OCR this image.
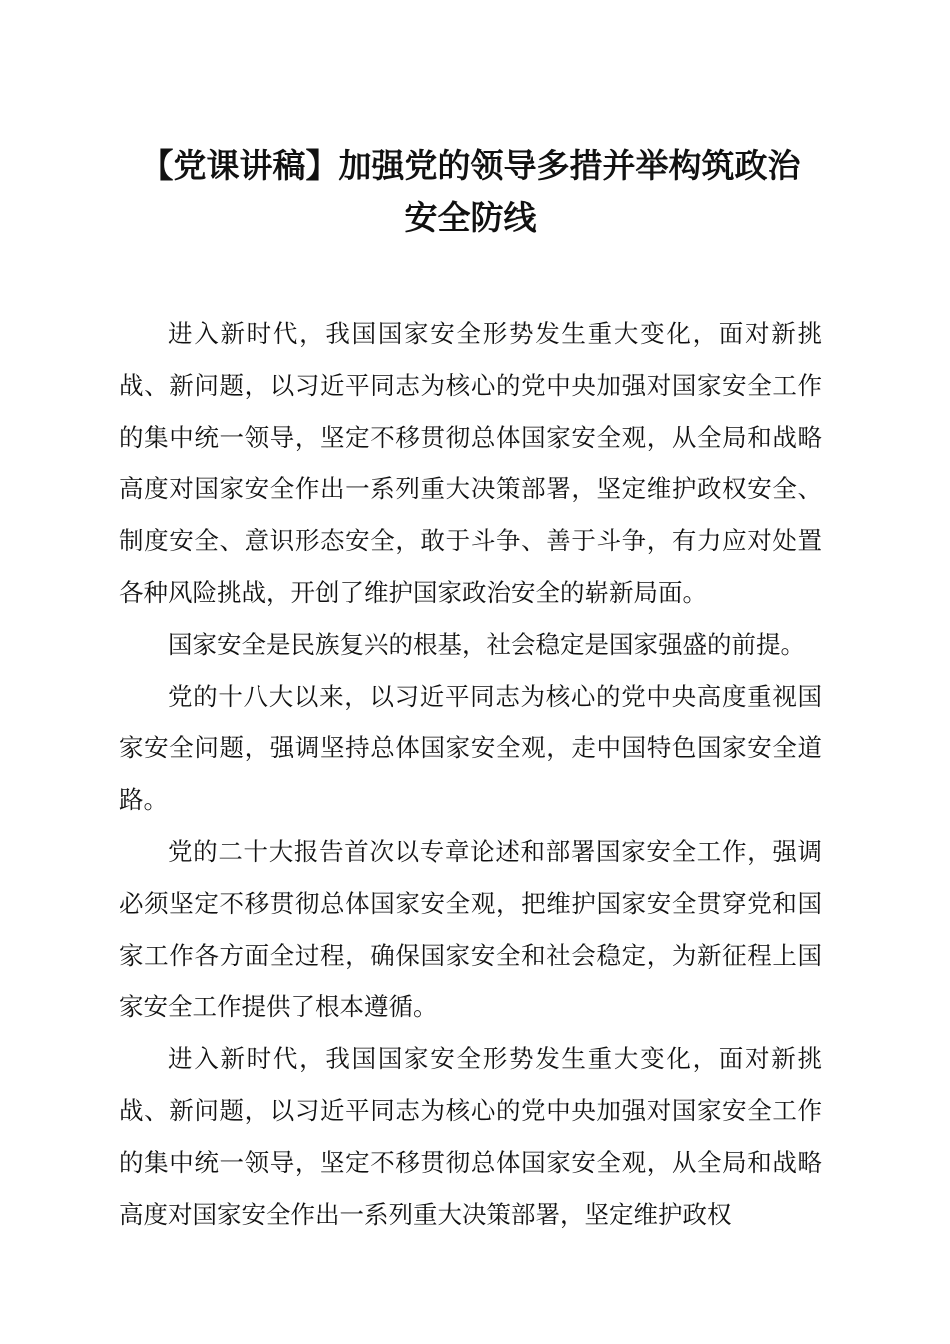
【党课讲稿】加强党的领导多措并举构筑政治
安全防线

进入新时代，我国国家安全形势发生重大变化，面对新挑战、新问题，以习近平同志为核心的党中央加强对国家安全工作的集中统一领导，坚定不移贯彻总体国家安全观，从全局和战略高度对国家安全作出一系列重大决策部署，坚定维护政权安全、制度安全、意识形态安全，敢于斗争、善于斗争，有力应对处置各种风险挑战，开创了维护国家政治安全的崭新局面。

国家安全是民族复兴的根基，社会稳定是国家强盛的前提。

党的十八大以来，以习近平同志为核心的党中央高度重视国家安全问题，强调坚持总体国家安全观，走中国特色国家安全道路。

党的二十大报告首次以专章论述和部署国家安全工作，强调必须坚定不移贯彻总体国家安全观，把维护国家安全贯穿党和国家工作各方面全过程，确保国家安全和社会稳定，为新征程上国家安全工作提供了根本遵循。

进入新时代，我国国家安全形势发生重大变化，面对新挑战、新问题，以习近平同志为核心的党中央加强对国家安全工作的集中统一领导，坚定不移贯彻总体国家安全观，从全局和战略高度对国家安全作出一系列重大决策部署，坚定维护政权
